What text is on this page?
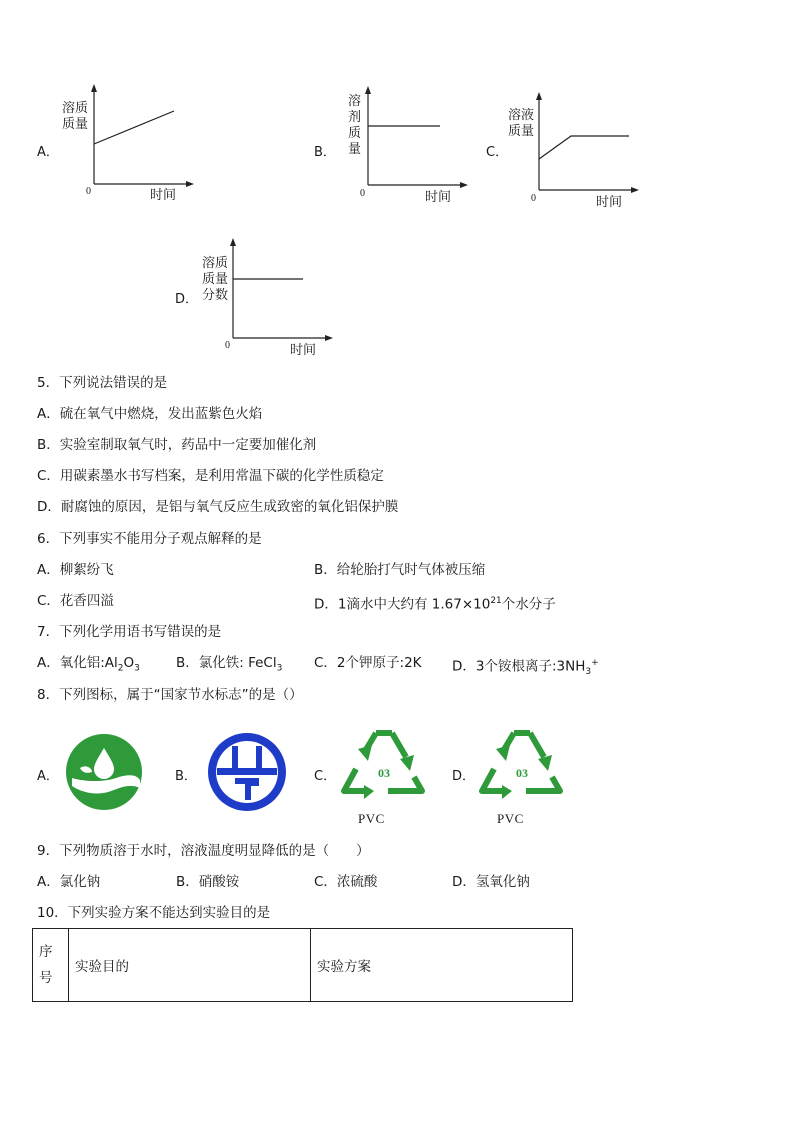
A．
溶质
质量
0	时间
B．
溶
剂
质
量
0	时间
C．
溶液
质量
0	时间
D．
溶质
质量
分数
0	时间
5．下列说法错误的是
A．硫在氧气中燃烧，发出蓝紫色火焰
B．实验室制取氧气时，药品中一定要加催化剂
C．用碳素墨水书写档案，是利用常温下碳的化学性质稳定
D．耐腐蚀的原因，是铝与氧气反应生成致密的氧化铝保护膜
6．下列事实不能用分子观点解释的是
A．柳絮纷飞	B．给轮胎打气时气体被压缩
C．花香四溢	D．1滴水中大约有 $1.67\times 10^{21}$个水分子
7．下列化学用语书写错误的是
A．氧化铝$:Al_2O_3$	B．氯化铁: FeCl$_3$ C．2个钾原子:2K D．3个铵根离子$:3NH_3^+$
8．下列图标，属于“国家节水标志”的是（）
A．	B．	C．	03
PVC
D．	03
PVC
9．下列物质溶于水时，溶液温度明显降低的是（　　）
A．氯化钠	B．硝酸铵	C．浓硫酸	D．氢氧化钠
10．下列实验方案不能达到实验目的是
序
号
	实验目的	实验方案
